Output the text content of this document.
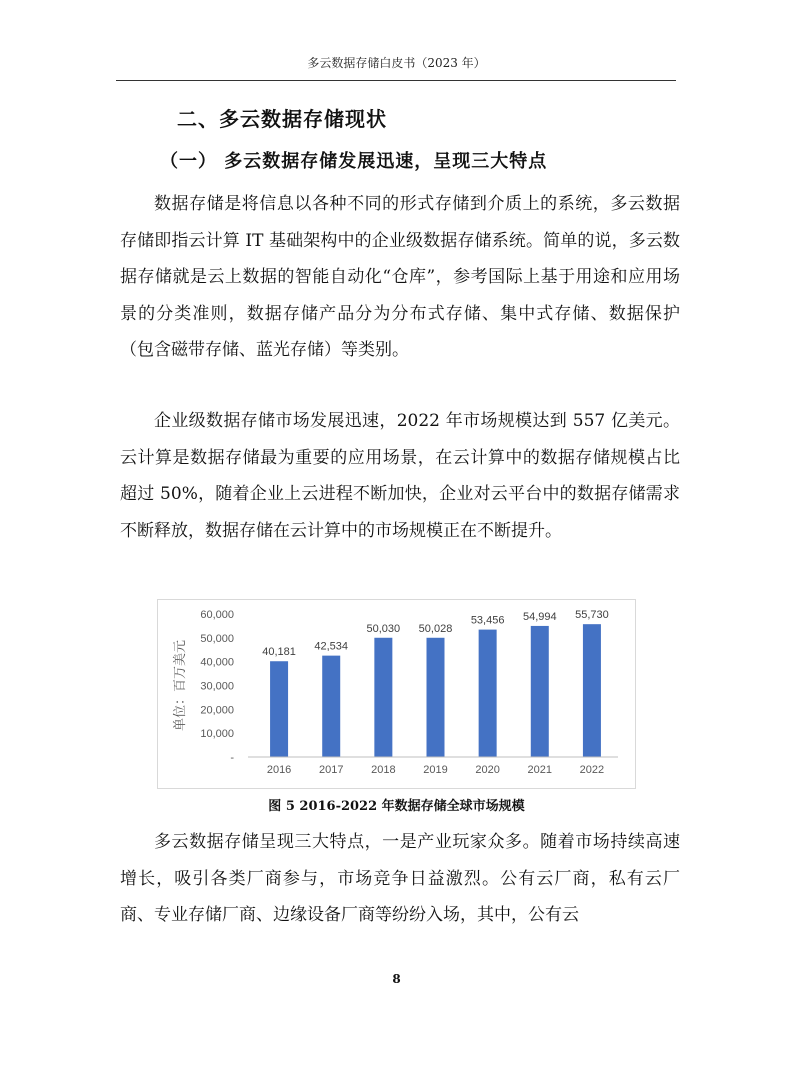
多云数据存储白皮书（2023 年）
二、多云数据存储现状
（一） 多云数据存储发展迅速，呈现三大特点

数据存储是将信息以各种不同的形式存储到介质上的系统，多云数据存储即指云计算 IT 基础架构中的企业级数据存储系统。简单的说，多云数据存储就是云上数据的智能自动化“仓库”，参考国际上基于用途和应用场景的分类准则，数据存储产品分为分布式存储、集中式存储、数据保护（包含磁带存储、蓝光存储）等类别。

企业级数据存储市场发展迅速，2022 年市场规模达到 557 亿美元。云计算是数据存储最为重要的应用场景，在云计算中的数据存储规模占比超过 50%，随着企业上云进程不断加快，企业对云平台中的数据存储需求不断释放，数据存储在云计算中的市场规模正在不断提升。

-
10,000
20,000
30,000
40,000
50,000
60,000
40,181 42,534
50,030 50,028
53,456 54,994 55,730
2016	2017	2018	2019	2020	2021	2022
单位：百万美元
图 5 2016-2022 年数据存储全球市场规模

多云数据存储呈现三大特点，一是产业玩家众多。随着市场持续高速增长，吸引各类厂商参与，市场竞争日益激烈。公有云厂商，私有云厂商、专业存储厂商、边缘设备厂商等纷纷入场，其中，公有云

8
